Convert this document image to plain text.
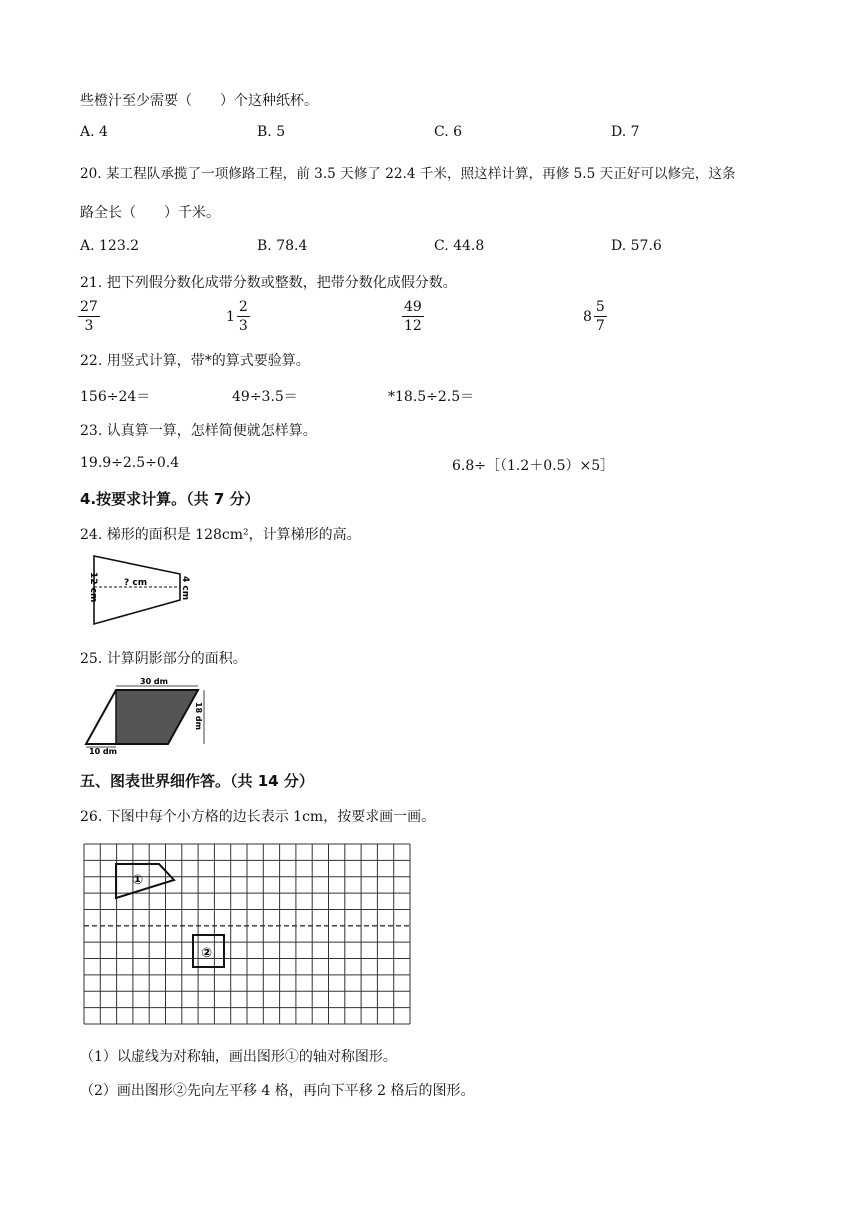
些橙汁至少需要（　　）个这种纸杯。
A. 4	B. 5	C. 6	D. 7
20. 某工程队承揽了一项修路工程，前 3.5 天修了 22.4 千米，照这样计算，再修 5.5 天正好可以修完，这条
路全长（　　）千米。
A. 123.2	B. 78.4	C. 44.8	D. 57.6
21. 把下列假分数化成带分数或整数，把带分数化成假分数。
27
3
$1 \frac{2}{3}$	49
12
$8 \frac{5}{7}$
22. 用竖式计算，带*的算式要验算。
156÷24＝	49÷3.5＝	*18.5÷2.5＝
23. 认真算一算，怎样简便就怎样算。
19.9÷2.5÷0.4	6.8÷［（1.2＋0.5）×5］
4.按要求计算。（共 7 分）
24. 梯形的面积是 128cm²，计算梯形的高。
? cm
12 cm	4 cm
25. 计算阴影部分的面积。
30 dm
18 dm
10 dm
五、图表世界细作答。（共 14 分）
26. 下图中每个小方格的边长表示 1cm，按要求画一画。
①
②
（1）以虚线为对称轴，画出图形①的轴对称图形。
（2）画出图形②先向左平移 4 格，再向下平移 2 格后的图形。
